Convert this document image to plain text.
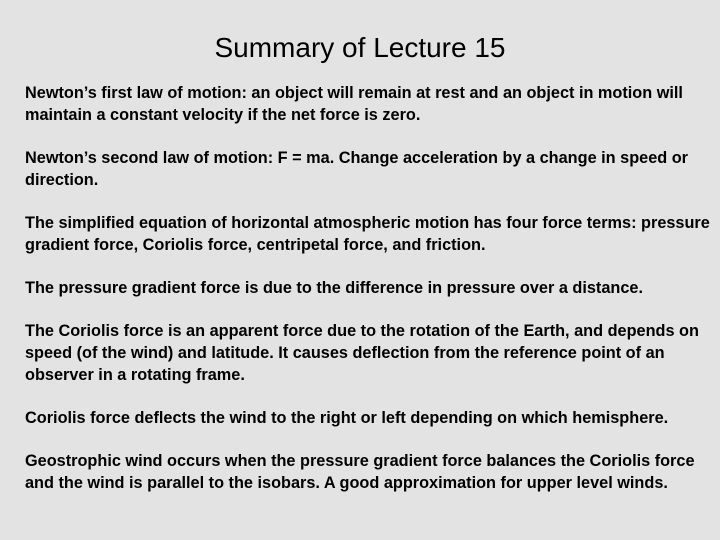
Summary of Lecture 15
Newton’s first law of motion: an object will remain at rest and an object in motion will maintain a constant velocity if the net force is zero.
Newton’s second law of motion: F = ma. Change acceleration by a change in speed or direction.
The simplified equation of horizontal atmospheric motion has four force terms: pressure gradient force, Coriolis force, centripetal force, and friction.
The pressure gradient force is due to the difference in pressure over a distance.
The Coriolis force is an apparent force due to the rotation of the Earth, and depends on speed (of the wind) and latitude. It causes deflection from the reference point of an observer in a rotating frame.
Coriolis force deflects the wind to the right or left depending on which hemisphere.
Geostrophic wind occurs when the pressure gradient force balances the Coriolis force and the wind is parallel to the isobars. A good approximation for upper level winds.
